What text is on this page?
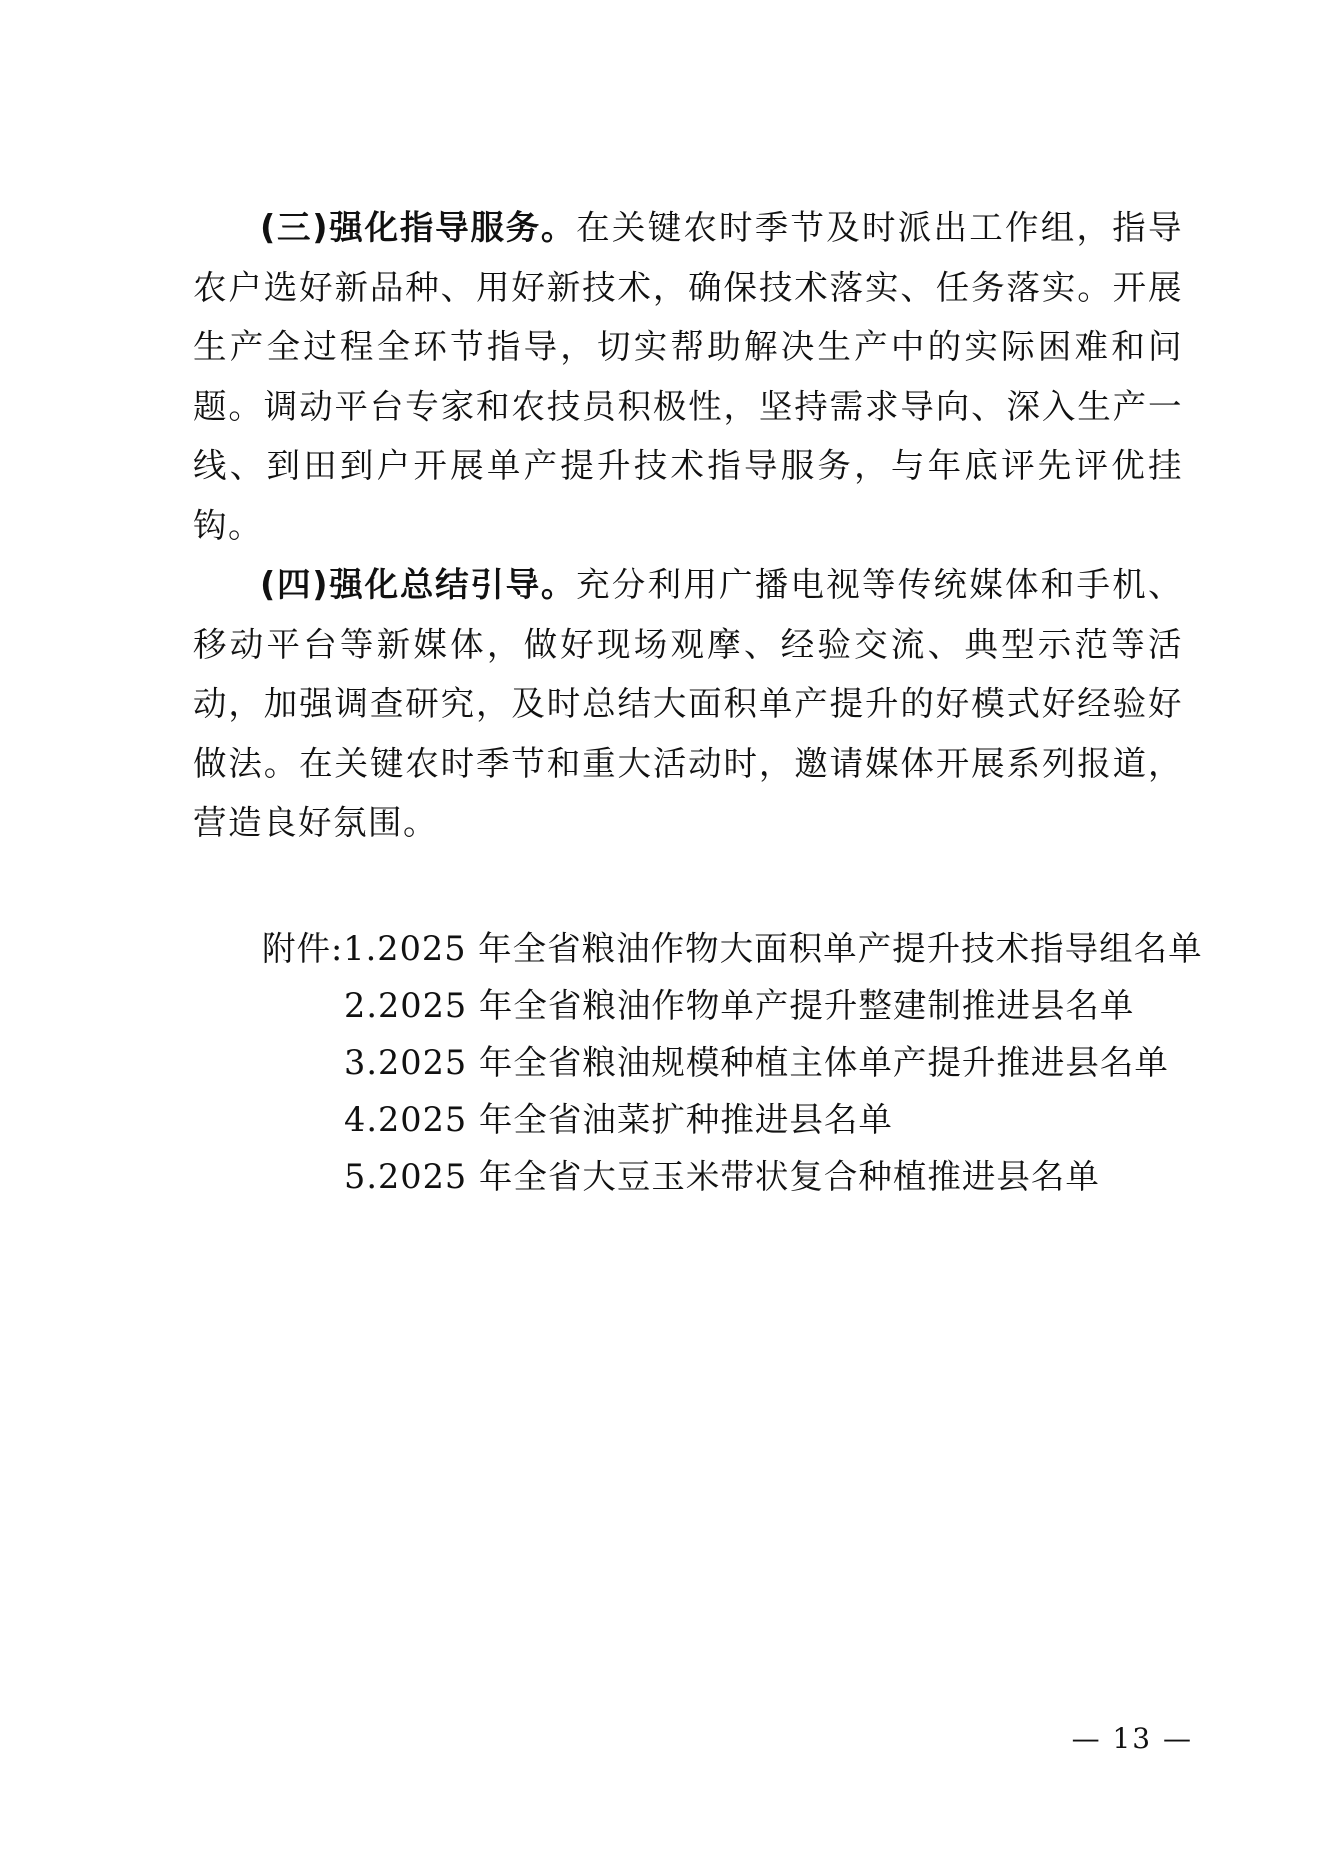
(三)强化指导服务。在关键农时季节及时派出工作组，指导农户选好新品种、用好新技术，确保技术落实、任务落实。开展生产全过程全环节指导，切实帮助解决生产中的实际困难和问题。调动平台专家和农技员积极性，坚持需求导向、深入生产一线、到田到户开展单产提升技术指导服务，与年底评先评优挂钩。

(四)强化总结引导。充分利用广播电视等传统媒体和手机、移动平台等新媒体，做好现场观摩、经验交流、典型示范等活动，加强调查研究，及时总结大面积单产提升的好模式好经验好做法。在关键农时季节和重大活动时，邀请媒体开展系列报道，营造良好氛围。

附件:1.2025 年全省粮油作物大面积单产提升技术指导组名单
2.2025 年全省粮油作物单产提升整建制推进县名单
3.2025 年全省粮油规模种植主体单产提升推进县名单
4.2025 年全省油菜扩种推进县名单
5.2025 年全省大豆玉米带状复合种植推进县名单
— 13 —
